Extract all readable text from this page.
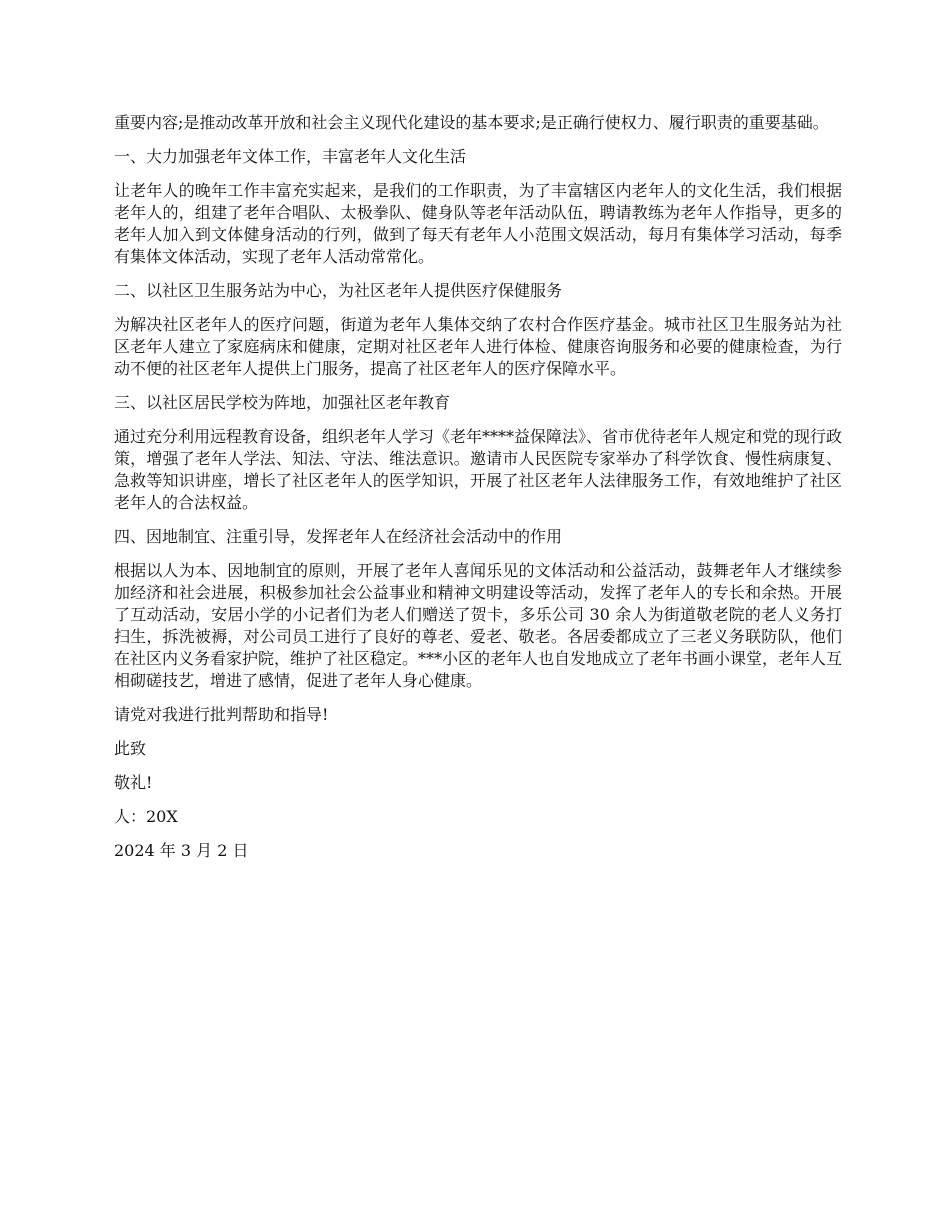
重要内容;是推动改革开放和社会主义现代化建设的基本要求;是正确行使权力、履行职责的重要基础。

一、大力加强老年文体工作，丰富老年人文化生活

让老年人的晚年工作丰富充实起来，是我们的工作职责，为了丰富辖区内老年人的文化生活，我们根据老年人的，组建了老年合唱队、太极拳队、健身队等老年活动队伍，聘请教练为老年人作指导，更多的老年人加入到文体健身活动的行列，做到了每天有老年人小范围文娱活动，每月有集体学习活动，每季有集体文体活动，实现了老年人活动常常化。

二、以社区卫生服务站为中心，为社区老年人提供医疗保健服务

为解决社区老年人的医疗问题，街道为老年人集体交纳了农村合作医疗基金。城市社区卫生服务站为社区老年人建立了家庭病床和健康，定期对社区老年人进行体检、健康咨询服务和必要的健康检查，为行动不便的社区老年人提供上门服务，提高了社区老年人的医疗保障水平。

三、以社区居民学校为阵地，加强社区老年教育

通过充分利用远程教育设备，组织老年人学习《老年****益保障法》、省市优待老年人规定和党的现行政策，增强了老年人学法、知法、守法、维法意识。邀请市人民医院专家举办了科学饮食、慢性病康复、急救等知识讲座，增长了社区老年人的医学知识，开展了社区老年人法律服务工作，有效地维护了社区老年人的合法权益。

四、因地制宜、注重引导，发挥老年人在经济社会活动中的作用

根据以人为本、因地制宜的原则，开展了老年人喜闻乐见的文体活动和公益活动，鼓舞老年人才继续参加经济和社会进展，积极参加社会公益事业和精神文明建设等活动，发挥了老年人的专长和余热。开展了互动活动，安居小学的小记者们为老人们赠送了贺卡，多乐公司 30 余人为街道敬老院的老人义务打扫生，拆洗被褥，对公司员工进行了良好的尊老、爱老、敬老。各居委都成立了三老义务联防队，他们在社区内义务看家护院，维护了社区稳定。***小区的老年人也自发地成立了老年书画小课堂，老年人互相砌磋技艺，增进了感情，促进了老年人身心健康。

请党对我进行批判帮助和指导!

此致

敬礼!

人：20X

2024 年 3 月 2 日
